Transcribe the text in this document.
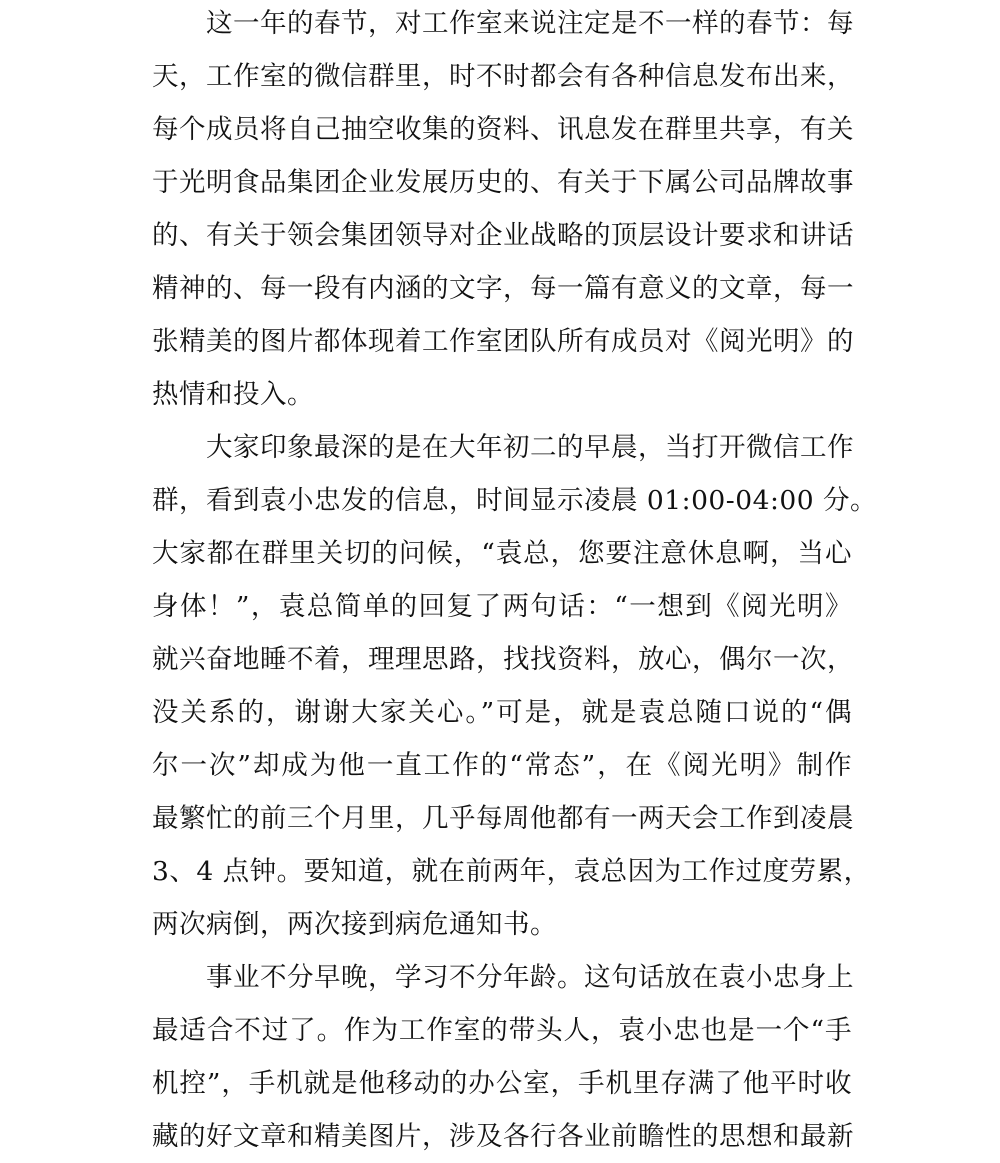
这一年的春节，对工作室来说注定是不一样的春节：每
天，工作室的微信群里，时不时都会有各种信息发布出来，
每个成员将自己抽空收集的资料、讯息发在群里共享，有关
于光明食品集团企业发展历史的、有关于下属公司品牌故事
的、有关于领会集团领导对企业战略的顶层设计要求和讲话
精神的、每一段有内涵的文字，每一篇有意义的文章，每一
张精美的图片都体现着工作室团队所有成员对《阅光明》的
热情和投入。
大家印象最深的是在大年初二的早晨，当打开微信工作
群，看到袁小忠发的信息，时间显示凌晨 01:00-04:00 分。
大家都在群里关切的问候，“袁总，您要注意休息啊，当心
身体！”，袁总简单的回复了两句话：“一想到《阅光明》
就兴奋地睡不着，理理思路，找找资料，放心，偶尔一次，
没关系的，谢谢大家关心。”可是，就是袁总随口说的“偶
尔一次”却成为他一直工作的“常态”，在《阅光明》制作
最繁忙的前三个月里，几乎每周他都有一两天会工作到凌晨
3、4 点钟。要知道，就在前两年，袁总因为工作过度劳累，
两次病倒，两次接到病危通知书。
事业不分早晚，学习不分年龄。这句话放在袁小忠身上
最适合不过了。作为工作室的带头人，袁小忠也是一个“手
机控”，手机就是他移动的办公室，手机里存满了他平时收
藏的好文章和精美图片，涉及各行各业前瞻性的思想和最新
